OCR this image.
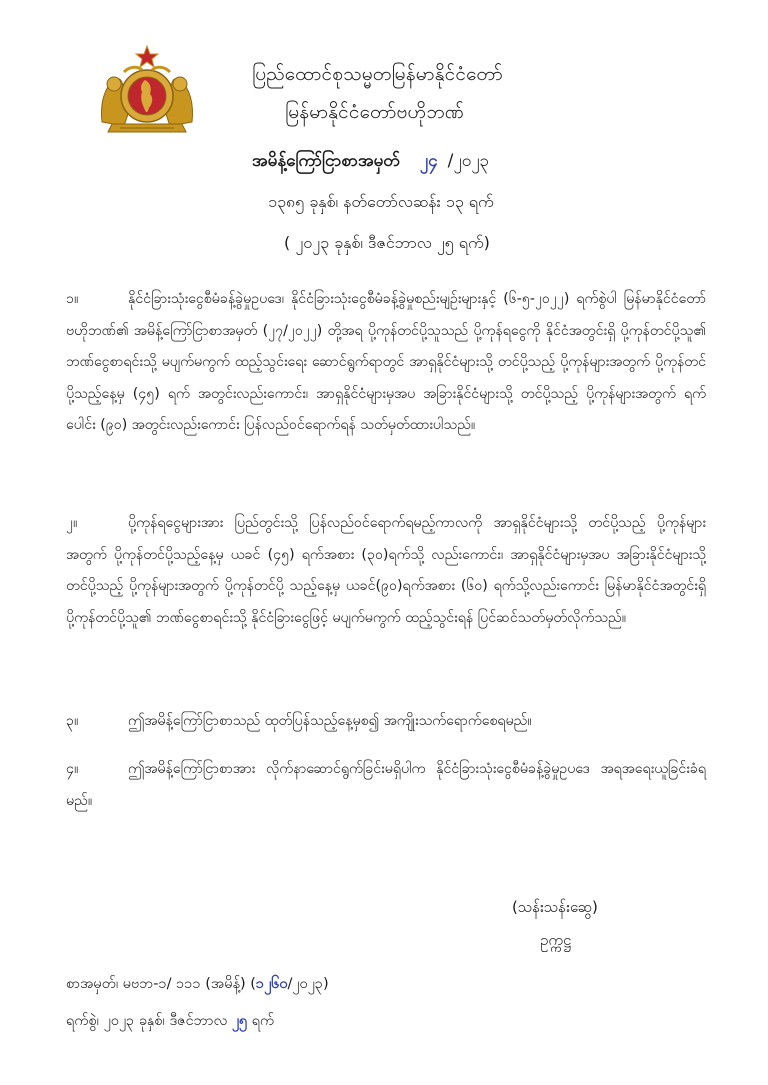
ပြည်ထောင်စုသမ္မတမြန်မာနိုင်ငံတော်
မြန်မာနိုင်ငံတော်ဗဟိုဘဏ်
အမိန့်ကြော်ငြာစာအမှတ် ၂၄ /၂၀၂၃
၁၃၈၅ ခုနှစ်၊ နတ်တော်လဆန်း ၁၃ ရက်
( ၂၀၂၃ ခုနှစ်၊ ဒီဇင်ဘာလ ၂၅ ရက်)
၁။	နိုင်ငံခြားသုံးငွေစီမံခန့်ခွဲမှုဥပဒေ၊ နိုင်ငံခြားသုံးငွေစီမံခန့်ခွဲမှုစည်းမျဉ်းများနှင့် (၆-၅-၂၀၂၂) ရက်စွဲပါ မြန်မာနိုင်ငံတော်ဗဟိုဘဏ်၏ အမိန့်ကြော်ငြာစာအမှတ် (၂၇/၂၀၂၂) တို့အရ ပို့ကုန်တင်ပို့သူသည် ပို့ကုန်ရငွေကို နိုင်ငံအတွင်းရှိ ပို့ကုန်တင်ပို့သူ၏ ဘဏ်ငွေစာရင်းသို့ မပျက်မကွက် ထည့်သွင်းရေး ဆောင်ရွက်ရာတွင် အာရှနိုင်ငံများသို့ တင်ပို့သည့် ပို့ကုန်များအတွက် ပို့ကုန်တင်ပို့သည့်နေ့မှ (၄၅) ရက် အတွင်းလည်းကောင်း၊ အာရှနိုင်ငံများမှအပ အခြားနိုင်ငံများသို့ တင်ပို့သည့် ပို့ကုန်များအတွက် ရက်ပေါင်း (၉၀) အတွင်းလည်းကောင်း ပြန်လည်ဝင်ရောက်ရန် သတ်မှတ်ထားပါသည်။
၂။	ပို့ကုန်ရငွေများအား ပြည်တွင်းသို့ ပြန်လည်ဝင်ရောက်ရမည့်ကာလကို အာရှနိုင်ငံများသို့ တင်ပို့သည့် ပို့ကုန်များအတွက် ပို့ကုန်တင်ပို့သည့်နေ့မှ ယခင် (၄၅) ရက်အစား (၃၀)ရက်သို့ လည်းကောင်း၊ အာရှနိုင်ငံများမှအပ အခြားနိုင်ငံများသို့ တင်ပို့သည့် ပို့ကုန်များအတွက် ပို့ကုန်တင်ပို့ သည့်နေ့မှ ယခင်(၉၀)ရက်အစား (၆၀) ရက်သို့လည်းကောင်း မြန်မာနိုင်ငံအတွင်းရှိ ပို့ကုန်တင်ပို့သူ၏ ဘဏ်ငွေစာရင်းသို့ နိုင်ငံခြားငွေဖြင့် မပျက်မကွက် ထည့်သွင်းရန် ပြင်ဆင်သတ်မှတ်လိုက်သည်။
၃။	ဤအမိန့်ကြော်ငြာစာသည် ထုတ်ပြန်သည့်နေ့မှစ၍ အကျိုးသက်ရောက်စေရမည်။
၄။	ဤအမိန့်ကြော်ငြာစာအား လိုက်နာဆောင်ရွက်ခြင်းမရှိပါက နိုင်ငံခြားသုံးငွေစီမံခန့်ခွဲမှုဥပဒေ အရအရေးယူခြင်းခံရမည်။
(သန်းသန်းဆွေ)
ဥက္ကဋ္ဌ
စာအမှတ်၊ မဗဘ-၁/ ၁၁၁ (အမိန့်) (၁၂၆၀/၂၀၂၃)
ရက်စွဲ၊ ၂၀၂၃ ခုနှစ်၊ ဒီဇင်ဘာလ ၂၅ ရက်
